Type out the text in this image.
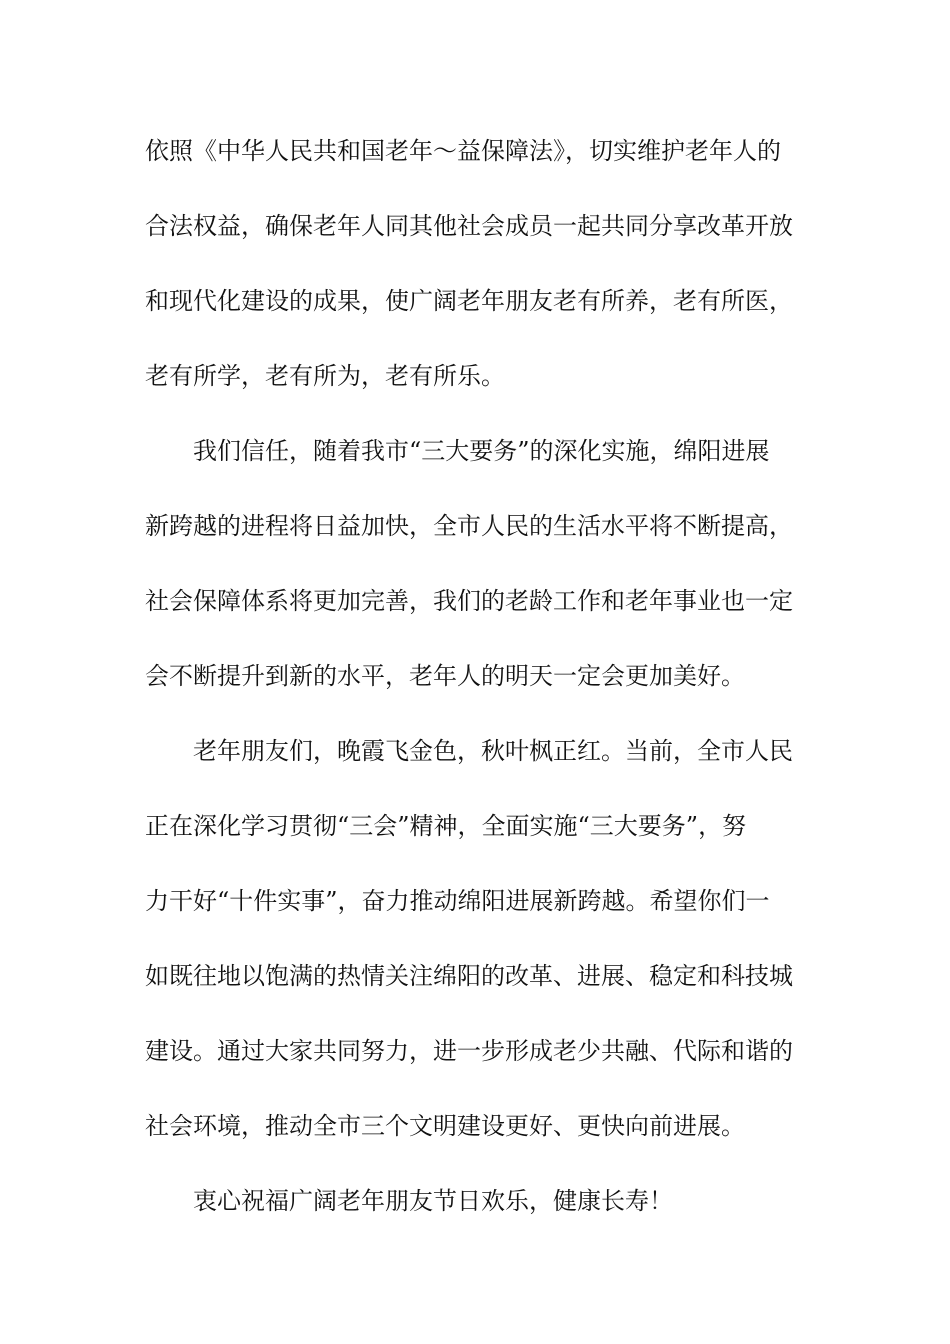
依照《中华人民共和国老年～益保障法》，切实维护老年人的
合法权益，确保老年人同其他社会成员一起共同分享改革开放
和现代化建设的成果，使广阔老年朋友老有所养，老有所医，
老有所学，老有所为，老有所乐。
我们信任，随着我市“三大要务”的深化实施，绵阳进展
新跨越的进程将日益加快，全市人民的生活水平将不断提高，
社会保障体系将更加完善，我们的老龄工作和老年事业也一定
会不断提升到新的水平，老年人的明天一定会更加美好。
老年朋友们，晚霞飞金色，秋叶枫正红。当前，全市人民
正在深化学习贯彻“三会”精神，全面实施“三大要务”，努
力干好“十件实事”，奋力推动绵阳进展新跨越。希望你们一
如既往地以饱满的热情关注绵阳的改革、进展、稳定和科技城
建设。通过大家共同努力，进一步形成老少共融、代际和谐的
社会环境，推动全市三个文明建设更好、更快向前进展。
衷心祝福广阔老年朋友节日欢乐，健康长寿！
